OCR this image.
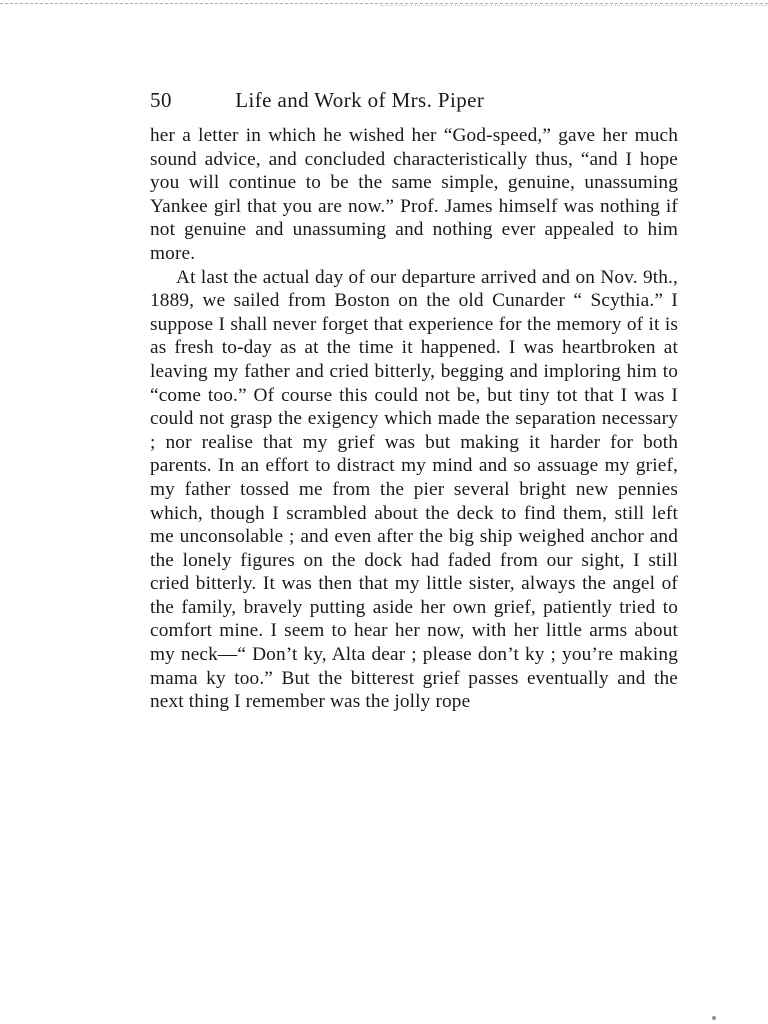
50	Life and Work of Mrs. Piper

her a letter in which he wished her “God-speed,” gave her much sound advice, and concluded characteristically thus, “and I hope you will continue to be the same simple, genuine, unassuming Yankee girl that you are now.” Prof. James himself was nothing if not genuine and unassuming and nothing ever appealed to him more.

At last the actual day of our departure arrived and on Nov. 9th., 1889, we sailed from Boston on the old Cunarder “ Scythia.” I suppose I shall never forget that experience for the memory of it is as fresh to-day as at the time it happened. I was heartbroken at leaving my father and cried bitterly, begging and imploring him to “come too.” Of course this could not be, but tiny tot that I was I could not grasp the exigency which made the separation necessary ; nor realise that my grief was but making it harder for both parents. In an effort to distract my mind and so assuage my grief, my father tossed me from the pier several bright new pennies which, though I scrambled about the deck to find them, still left me unconsolable ; and even after the big ship weighed anchor and the lonely figures on the dock had faded from our sight, I still cried bitterly. It was then that my little sister, always the angel of the family, bravely putting aside her own grief, patiently tried to comfort mine. I seem to hear her now, with her little arms about my neck—“ Don’t ky, Alta dear ; please don’t ky ; you’re making mama ky too.” But the bitterest grief passes eventually and the next thing I remember was the jolly rope
